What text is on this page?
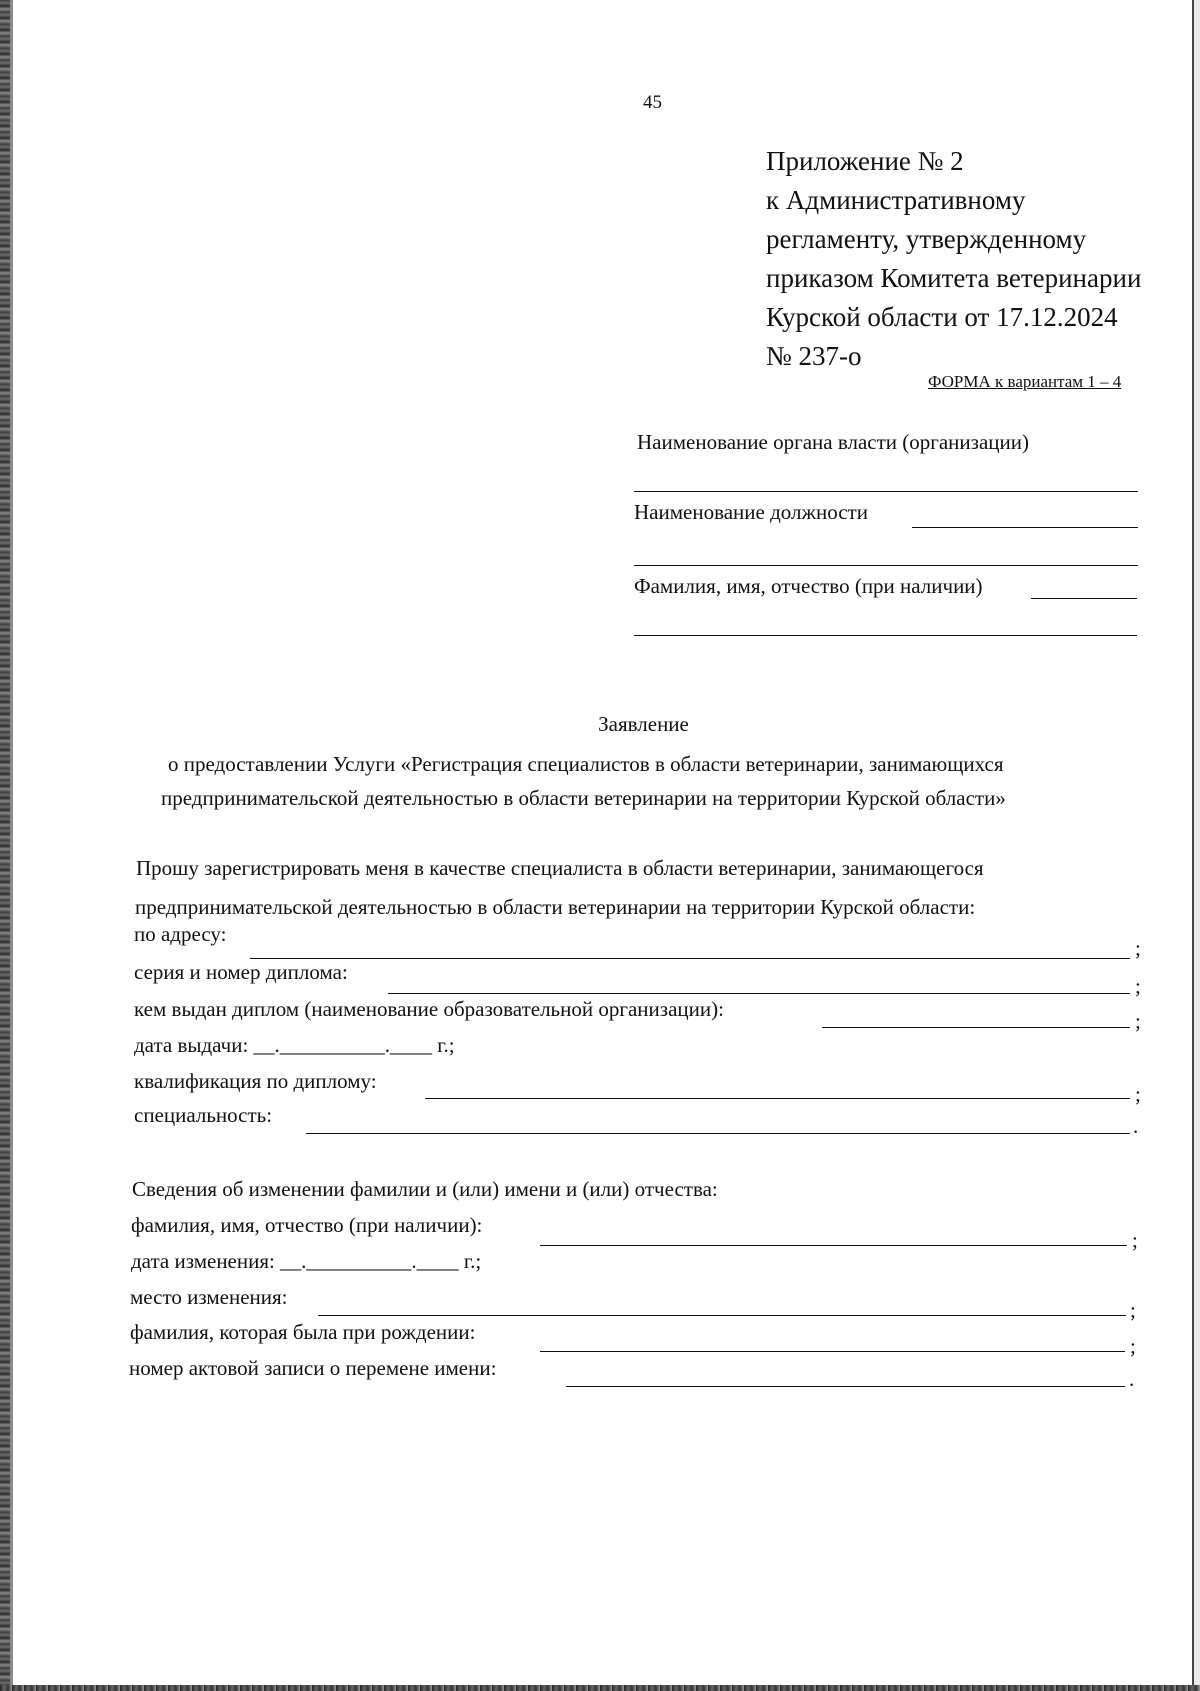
45
Приложение № 2
к Административному
регламенту, утвержденному
приказом Комитета ветеринарии
Курской области от 17.12.2024
№ 237-о
ФОРМА к вариантам 1 – 4
Наименование органа власти (организации)
Наименование должности
Фамилия, имя, отчество (при наличии)
Заявление
о предоставлении Услуги «Регистрация специалистов в области ветеринарии, занимающихся
предпринимательской деятельностью в области ветеринарии на территории Курской области»
Прошу зарегистрировать меня в качестве специалиста в области ветеринарии, занимающегося
предпринимательской деятельностью в области ветеринарии на территории Курской области:
по адресу:
;
серия и номер диплома:
;
кем выдан диплом (наименование образовательной организации):	;
дата выдачи: __.__________.____ г.;
квалификация по диплому:
;
специальность:	.
Сведения об изменении фамилии и (или) имени и (или) отчества:
фамилия, имя, отчество (при наличии):
;
дата изменения: __.__________.____ г.;
место изменения:
;
фамилия, которая была при рождении:
;
номер актовой записи о перемене имени:	.
